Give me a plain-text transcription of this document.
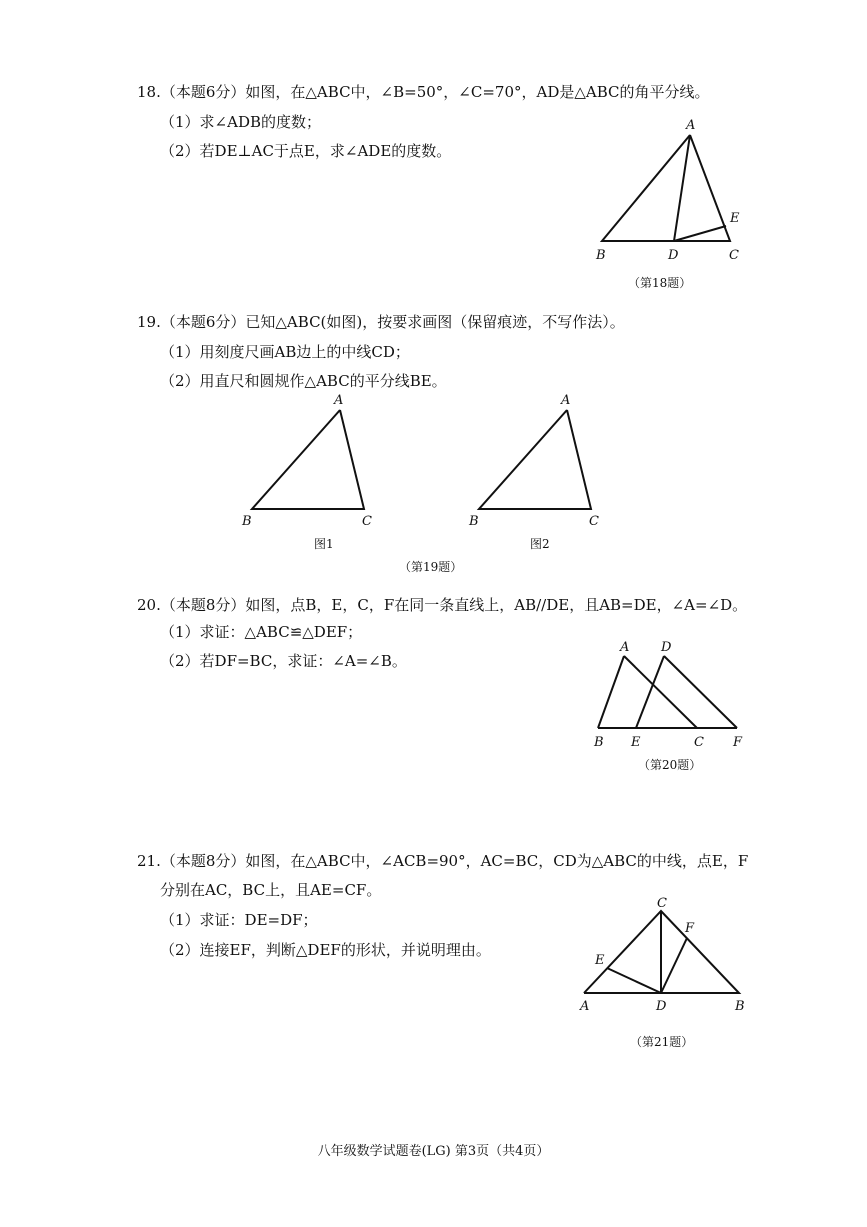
18.（本题6分）如图，在△ABC中，∠B=50°，∠C=70°，AD是△ABC的角平分线。
（1）求∠ADB的度数；
（2）若DE⊥AC于点E，求∠ADE的度数。
A
B	C
D
E
（第18题）
19.（本题6分）已知△ABC(如图)，按要求画图（保留痕迹，不写作法）。
（1）用刻度尺画AB边上的中线CD；
（2）用直尺和圆规作△ABC的平分线BE。
A
B	C
A
B	C
图1	图2
（第19题）
20.（本题8分）如图，点B，E，C，F在同一条直线上，AB//DE，且AB=DE，∠A=∠D。
（1）求证：△ABC≌△DEF；
（2）若DF=BC，求证：∠A=∠B。
A D
B E	C F
（第20题）
21.（本题8分）如图，在△ABC中，∠ACB=90°，AC=BC，CD为△ABC的中线，点E，F
分别在AC，BC上，且AE=CF。
（1）求证：DE=DF；
（2）连接EF，判断△DEF的形状，并说明理由。
C
F
E
A	D	B
（第21题）
八年级数学试题卷(LG) 第3页（共4页）
